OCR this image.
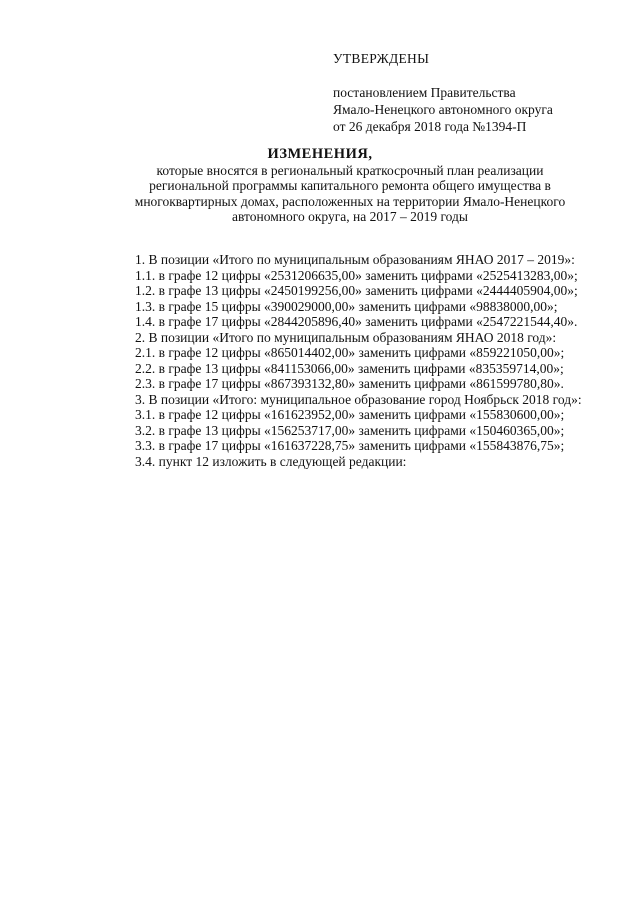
УТВЕРЖДЕНЫ
постановлением Правительства
Ямало-Ненецкого автономного округа
от 26 декабря 2018 года №1394-П
ИЗМЕНЕНИЯ,
которые вносятся в региональный краткосрочный план реализации
региональной программы капитального ремонта общего имущества в
многоквартирных домах, расположенных на территории Ямало-Ненецкого
автономного округа, на 2017 – 2019 годы

1. В позиции «Итого по муниципальным образованиям ЯНАО 2017 – 2019»:

1.1. в графе 12 цифры «2531206635,00» заменить цифрами «2525413283,00»;

1.2. в графе 13 цифры «2450199256,00» заменить цифрами «2444405904,00»;

1.3. в графе 15 цифры «390029000,00» заменить цифрами «98838000,00»;

1.4. в графе 17 цифры «2844205896,40» заменить цифрами «2547221544,40».

2. В позиции «Итого по муниципальным образованиям ЯНАО 2018 год»:

2.1. в графе 12 цифры «865014402,00» заменить цифрами «859221050,00»;

2.2. в графе 13 цифры «841153066,00» заменить цифрами «835359714,00»;

2.3. в графе 17 цифры «867393132,80» заменить цифрами «861599780,80».

3. В позиции «Итого: муниципальное образование город Ноябрьск 2018 год»:

3.1. в графе 12 цифры «161623952,00» заменить цифрами «155830600,00»;

3.2. в графе 13 цифры «156253717,00» заменить цифрами «150460365,00»;

3.3. в графе 17 цифры «161637228,75» заменить цифрами «155843876,75»;

3.4. пункт 12 изложить в следующей редакции:
